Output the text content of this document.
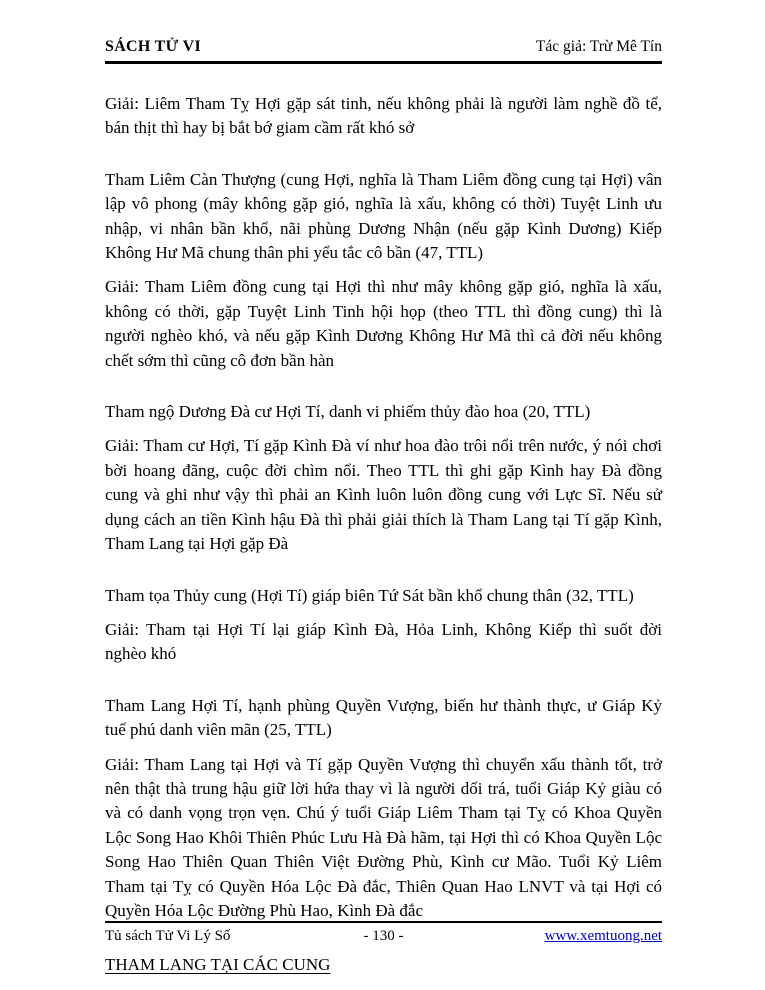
SÁCH TỬ VI	Tác giả: Trừ Mê Tín

Giải: Liêm Tham Tỵ Hợi gặp sát tinh, nếu không phải là người làm nghề đồ tể, bán thịt thì hay bị bắt bớ giam cầm rất khó sở

Tham Liêm Càn Thượng (cung Hợi, nghĩa là Tham Liêm đồng cung tại Hợi) vân lập vô phong (mây không gặp gió, nghĩa là xấu, không có thời) Tuyệt Linh ưu nhập, vi nhân bần khổ, nãi phùng Dương Nhận (nếu gặp Kình Dương) Kiếp Không Hư Mã chung thân phi yểu tắc cô bần (47, TTL)

Giải: Tham Liêm đồng cung tại Hợi thì như mây không gặp gió, nghĩa là xấu, không có thời, gặp Tuyệt Linh Tinh hội họp (theo TTL thì đồng cung) thì là người nghèo khó, và nếu gặp Kình Dương Không Hư Mã thì cả đời nếu không chết sớm thì cũng cô đơn bần hàn

Tham ngộ Dương Đà cư Hợi Tí, danh vi phiếm thủy đào hoa (20, TTL)

Giải: Tham cư Hợi, Tí gặp Kình Đà ví như hoa đào trôi nổi trên nước, ý nói chơi bời hoang đãng, cuộc đời chìm nổi. Theo TTL thì ghi gặp Kình hay Đà đồng cung và ghi như vậy thì phải an Kình luôn luôn đồng cung với Lực Sĩ. Nếu sử dụng cách an tiền Kình hậu Đà thì phải giải thích là Tham Lang tại Tí gặp Kình, Tham Lang tại Hợi gặp Đà

Tham tọa Thủy cung (Hợi Tí) giáp biên Tứ Sát bần khổ chung thân (32, TTL)

Giải: Tham tại Hợi Tí lại giáp Kình Đà, Hỏa Linh, Không Kiếp thì suốt đời nghèo khó

Tham Lang Hợi Tí, hạnh phùng Quyền Vượng, biến hư thành thực, ư Giáp Kỷ tuế phú danh viên mãn (25, TTL)

Giải: Tham Lang tại Hợi và Tí gặp Quyền Vượng thì chuyển xấu thành tốt, trở nên thật thà trung hậu giữ lời hứa thay vì là người dối trá, tuổi Giáp Kỷ giàu có và có danh vọng trọn vẹn. Chú ý tuổi Giáp Liêm Tham tại Tỵ có Khoa Quyền Lộc Song Hao Khôi Thiên Phúc Lưu Hà Đà hãm, tại Hợi thì có Khoa Quyền Lộc Song Hao Thiên Quan Thiên Việt Đường Phù, Kình cư Mão. Tuổi Kỷ Liêm Tham tại Tỵ có Quyền Hóa Lộc Đà đắc, Thiên Quan Hao LNVT và tại Hợi có Quyền Hóa Lộc Đường Phù Hao, Kình Đà đắc

THAM LANG TẠI CÁC CUNG
Tủ sách Tử Vi Lý Số	- 130 -	www.xemtuong.net
